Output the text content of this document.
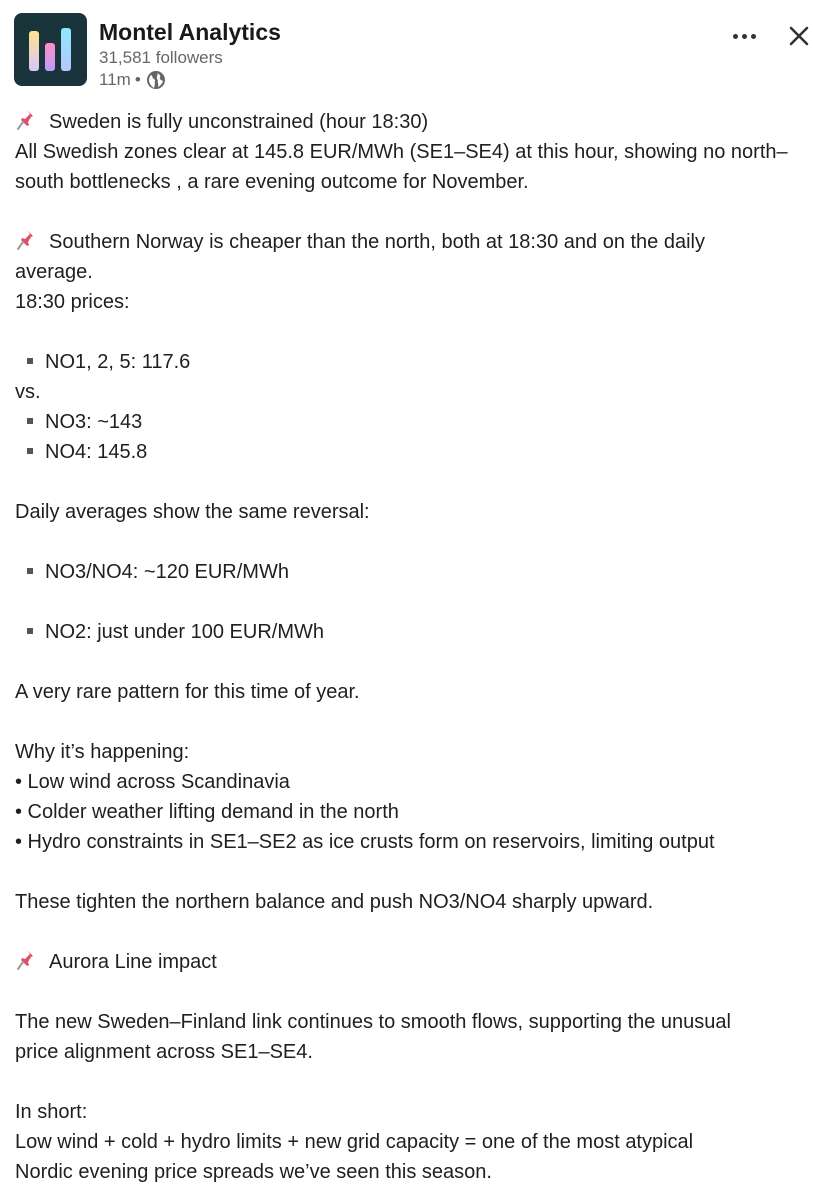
Montel Analytics
31,581 followers
11m •
Sweden is fully unconstrained (hour 18:30)
All Swedish zones clear at 145.8 EUR/MWh (SE1–SE4) at this hour, showing no north–
south bottlenecks , a rare evening outcome for November.
Southern Norway is cheaper than the north, both at 18:30 and on the daily
average.
18:30 prices:
NO1, 2, 5: 117.6
vs.
NO3: ~143
NO4: 145.8
Daily averages show the same reversal:
NO3/NO4: ~120 EUR/MWh
NO2: just under 100 EUR/MWh
A very rare pattern for this time of year.
Why it’s happening:
• Low wind across Scandinavia
• Colder weather lifting demand in the north
• Hydro constraints in SE1–SE2 as ice crusts form on reservoirs, limiting output
These tighten the northern balance and push NO3/NO4 sharply upward.
Aurora Line impact
The new Sweden–Finland link continues to smooth flows, supporting the unusual
price alignment across SE1–SE4.
In short:
Low wind + cold + hydro limits + new grid capacity = one of the most atypical
Nordic evening price spreads we’ve seen this season.
